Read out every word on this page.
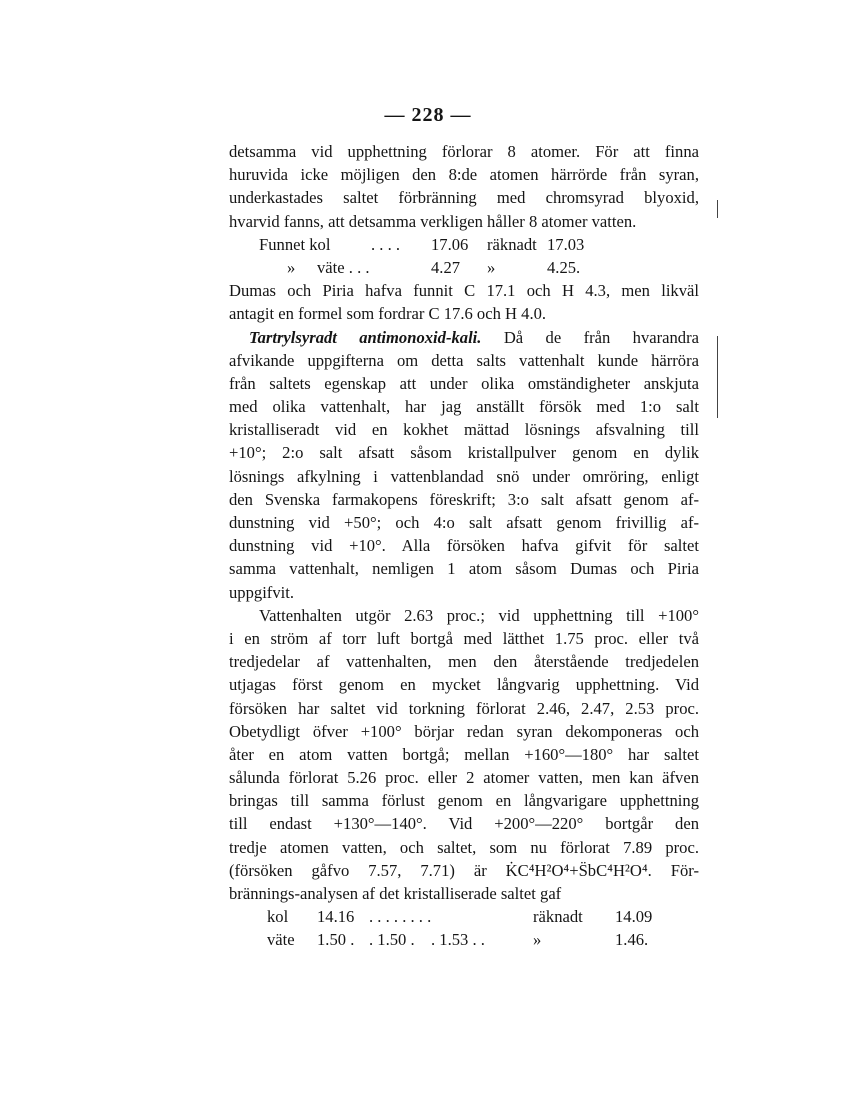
— 228 —
detsamma vid upphettning förlorar 8 atomer. För att finna
huruvida icke möjligen den 8:de atomen härrörde från syran,
underkastades saltet förbränning med chromsyrad blyoxid,
hvarvid fanns, att detsamma verkligen håller 8 atomer vatten.
Funnet kol . . . . 17.06 räknadt 17.03
» väte . . .	4.27 »	4.25.
Dumas och Piria hafva funnit C 17.1 och H 4.3, men likväl
antagit en formel som fordrar C 17.6 och H 4.0.
Tartrylsyradt antimonoxid-kali. Då de från hvarandra
afvikande uppgifterna om detta salts vattenhalt kunde härröra
från saltets egenskap att under olika omständigheter anskjuta
med olika vattenhalt, har jag anställt försök med 1:o salt
kristalliseradt vid en kokhet mättad lösnings afsvalning till
+10°; 2:o salt afsatt såsom kristallpulver genom en dylik
lösnings afkylning i vattenblandad snö under omröring, enligt
den Svenska farmakopens föreskrift; 3:o salt afsatt genom af-
dunstning vid +50°; och 4:o salt afsatt genom frivillig af-
dunstning vid +10°. Alla försöken hafva gifvit för saltet
samma vattenhalt, nemligen 1 atom såsom Dumas och Piria
uppgifvit.
Vattenhalten utgör 2.63 proc.; vid upphettning till +100°
i en ström af torr luft bortgå med lätthet 1.75 proc. eller två
tredjedelar af vattenhalten, men den återstående tredjedelen
utjagas först genom en mycket långvarig upphettning. Vid
försöken har saltet vid torkning förlorat 2.46, 2.47, 2.53 proc.
Obetydligt öfver +100° börjar redan syran dekomponeras och
åter en atom vatten bortgå; mellan +160°—180° har saltet
sålunda förlorat 5.26 proc. eller 2 atomer vatten, men kan äfven
bringas till samma förlust genom en långvarigare upphettning
till endast +130°—140°. Vid +200°—220° bortgår den
tredje atomen vatten, och saltet, som nu förlorat 7.89 proc.
(försöken gåfvo 7.57, 7.71) är K̇C⁴H²O⁴+S̈bC⁴H²O⁴. För-
brännings-analysen af det kristalliserade saltet gaf
kol 14.16 . . . . . . . .	räknadt 14.09
väte 1.50 . . 1.50 . . 1.53 . .	»	1.46.
